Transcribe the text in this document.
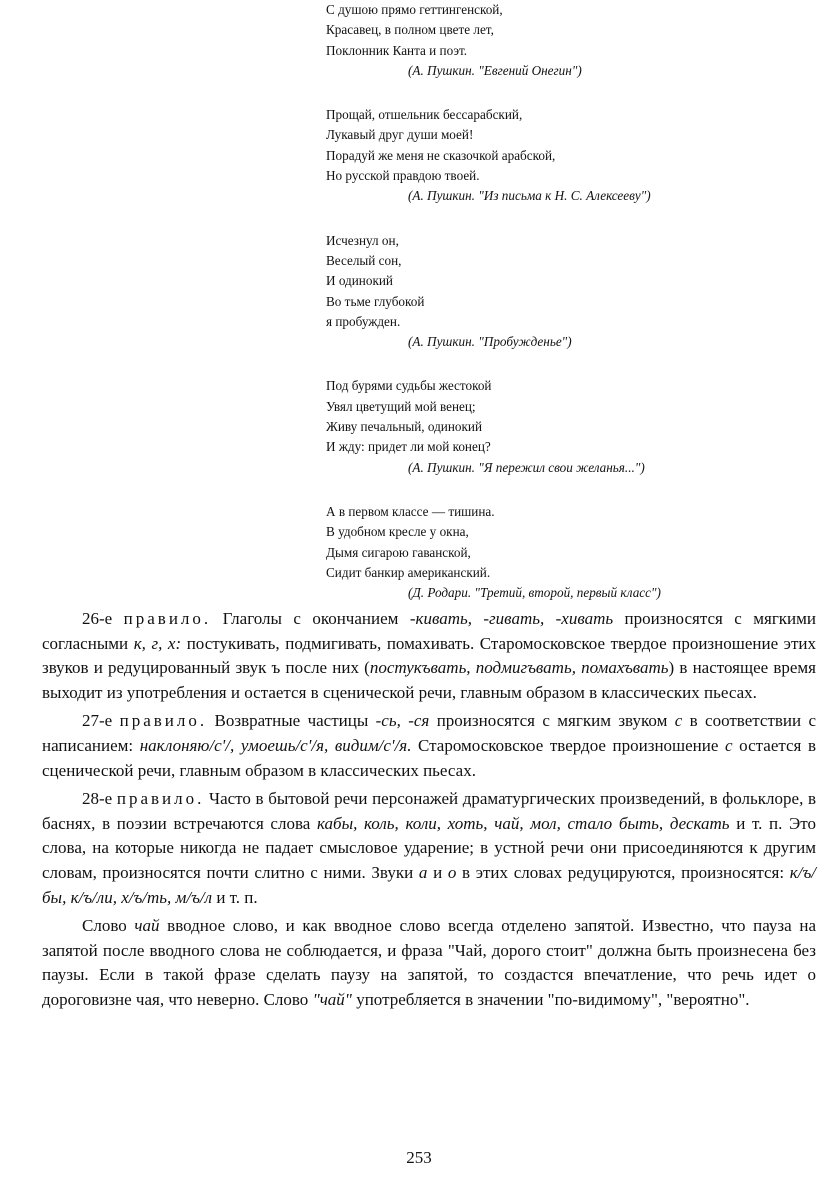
С душою прямо геттингенской,
Красавец, в полном цвете лет,
Поклонник Канта и поэт.
(А. Пушкин. "Евгений Онегин")
Прощай, отшельник бессарабский,
Лукавый друг души моей!
Порадуй же меня не сказочкой арабской,
Но русской правдою твоей.
(А. Пушкин. "Из письма к Н. С. Алексееву")
Исчезнул он,
Веселый сон,
И одинокий
Во тьме глубокой
я пробужден.
(А. Пушкин. "Пробужденье")
Под бурями судьбы жестокой
Увял цветущий мой венец;
Живу печальный, одинокий
И жду: придет ли мой конец?
(А. Пушкин. "Я пережил свои желанья...")
А в первом классе — тишина.
В удобном кресле у окна,
Дымя сигарою гаванской,
Сидит банкир американский.
(Д. Родари. "Третий, второй, первый класс")

26-е правило. Глаголы с окончанием -кивать, -гивать, -хивать произносятся с мягкими согласными к, г, х: постукивать, подмигивать, помахивать. Старомосковское твердое произношение этих звуков и редуцированный звук ъ после них (постукъвать, подмигъвать, помахъвать) в настоящее время выходит из употребления и остается в сценической речи, главным образом в классических пьесах.

27-е правило. Возвратные частицы -сь, -ся произносятся с мягким звуком с в соответствии с написанием: наклоняю/с'/, умоешь/с'/я, видим/с'/я. Старомосковское твердое произношение с остается в сценической речи, главным образом в классических пьесах.

28-е правило. Часто в бытовой речи персонажей драматургических произведений, в фольклоре, в баснях, в поэзии встречаются слова кабы, коль, коли, хоть, чай, мол, стало быть, дескать и т. п. Это слова, на которые никогда не падает смысловое ударение; в устной речи они присоединяются к другим словам, произносятся почти слитно с ними. Звуки а и о в этих словах редуцируются, произносятся: к/ъ/бы, к/ъ/ли, х/ъ/ть, м/ъ/л и т. п.

Слово чай вводное слово, и как вводное слово всегда отделено запятой. Известно, что пауза на запятой после вводного слова не соблюдается, и фраза "Чай, дорого стоит" должна быть произнесена без паузы. Если в такой фразе сделать паузу на запятой, то создастся впечатление, что речь идет о дороговизне чая, что неверно. Слово "чай" употребляется в значении "по-видимому", "вероятно".

253
